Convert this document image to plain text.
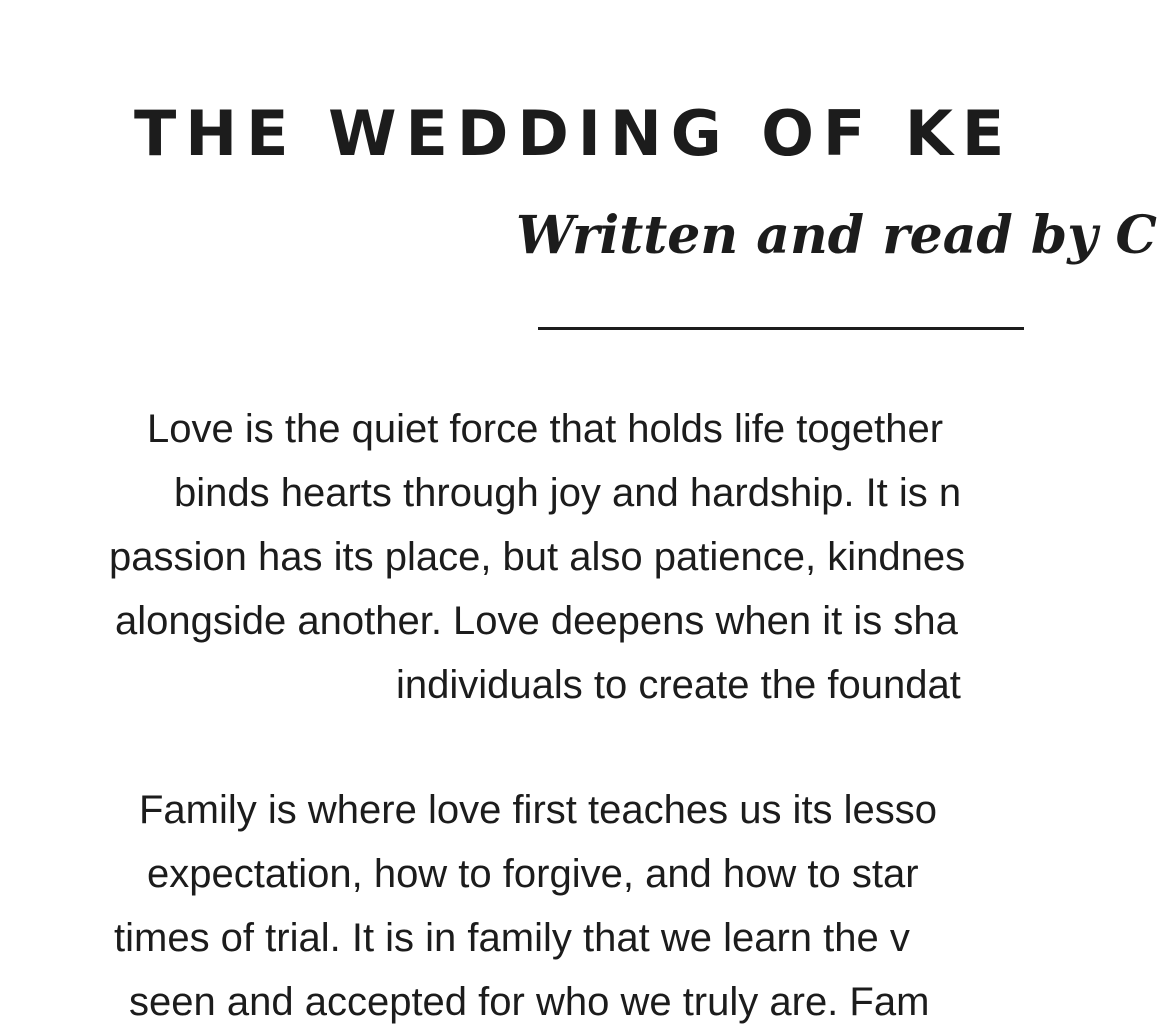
THE WEDDING OF KE
Written and read by C

Love is the quiet force that holds life together

binds hearts through joy and hardship. It is n

passion has its place, but also patience, kindnes

alongside another. Love deepens when it is sha

individuals to create the foundat

Family is where love first teaches us its lesso

expectation, how to forgive, and how to star

times of trial. It is in family that we learn the v

seen and accepted for who we truly are. Fam
